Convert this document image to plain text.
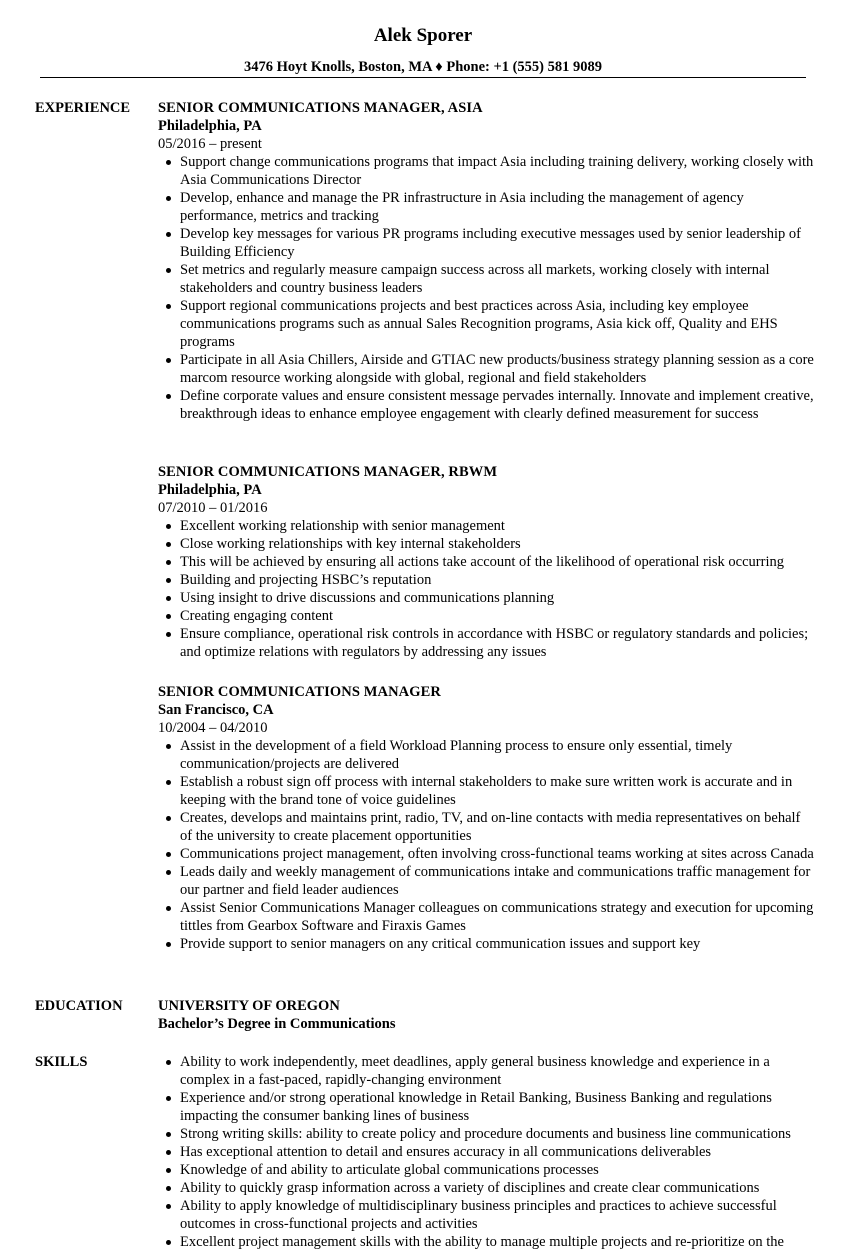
Alek Sporer
3476 Hoyt Knolls, Boston, MA ♦ Phone: +1 (555) 581 9089
EXPERIENCE SENIOR COMMUNICATIONS MANAGER, ASIA
Philadelphia, PA
05/2016 – present
Support change communications programs that impact Asia including training delivery, working closely with Asia Communications Director
Develop, enhance and manage the PR infrastructure in Asia including the management of agency performance, metrics and tracking
Develop key messages for various PR programs including executive messages used by senior leadership of Building Efficiency
Set metrics and regularly measure campaign success across all markets, working closely with internal stakeholders and country business leaders
Support regional communications projects and best practices across Asia, including key employee communications programs such as annual Sales Recognition programs, Asia kick off, Quality and EHS programs
Participate in all Asia Chillers, Airside and GTIAC new products/business strategy planning session as a core marcom resource working alongside with global, regional and field stakeholders
Define corporate values and ensure consistent message pervades internally. Innovate and implement creative, breakthrough ideas to enhance employee engagement with clearly defined measurement for success
SENIOR COMMUNICATIONS MANAGER, RBWM
Philadelphia, PA
07/2010 – 01/2016
Excellent working relationship with senior management
Close working relationships with key internal stakeholders
This will be achieved by ensuring all actions take account of the likelihood of operational risk occurring
Building and projecting HSBC’s reputation
Using insight to drive discussions and communications planning
Creating engaging content
Ensure compliance, operational risk controls in accordance with HSBC or regulatory standards and policies; and optimize relations with regulators by addressing any issues
SENIOR COMMUNICATIONS MANAGER
San Francisco, CA
10/2004 – 04/2010
Assist in the development of a field Workload Planning process to ensure only essential, timely communication/projects are delivered
Establish a robust sign off process with internal stakeholders to make sure written work is accurate and in keeping with the brand tone of voice guidelines
Creates, develops and maintains print, radio, TV, and on-line contacts with media representatives on behalf of the university to create placement opportunities
Communications project management, often involving cross-functional teams working at sites across Canada
Leads daily and weekly management of communications intake and communications traffic management for our partner and field leader audiences
Assist Senior Communications Manager colleagues on communications strategy and execution for upcoming tittles from Gearbox Software and Firaxis Games
Provide support to senior managers on any critical communication issues and support key
EDUCATION UNIVERSITY OF OREGON
Bachelor’s Degree in Communications
SKILLS	Ability to work independently, meet deadlines, apply general business knowledge and experience in a complex in a fast-paced, rapidly-changing environment
Experience and/or strong operational knowledge in Retail Banking, Business Banking and regulations impacting the consumer banking lines of business
Strong writing skills: ability to create policy and procedure documents and business line communications
Has exceptional attention to detail and ensures accuracy in all communications deliverables
Knowledge of and ability to articulate global communications processes
Ability to quickly grasp information across a variety of disciplines and create clear communications
Ability to apply knowledge of multidisciplinary business principles and practices to achieve successful outcomes in cross-functional projects and activities
Excellent project management skills with the ability to manage multiple projects and re-prioritize on the
